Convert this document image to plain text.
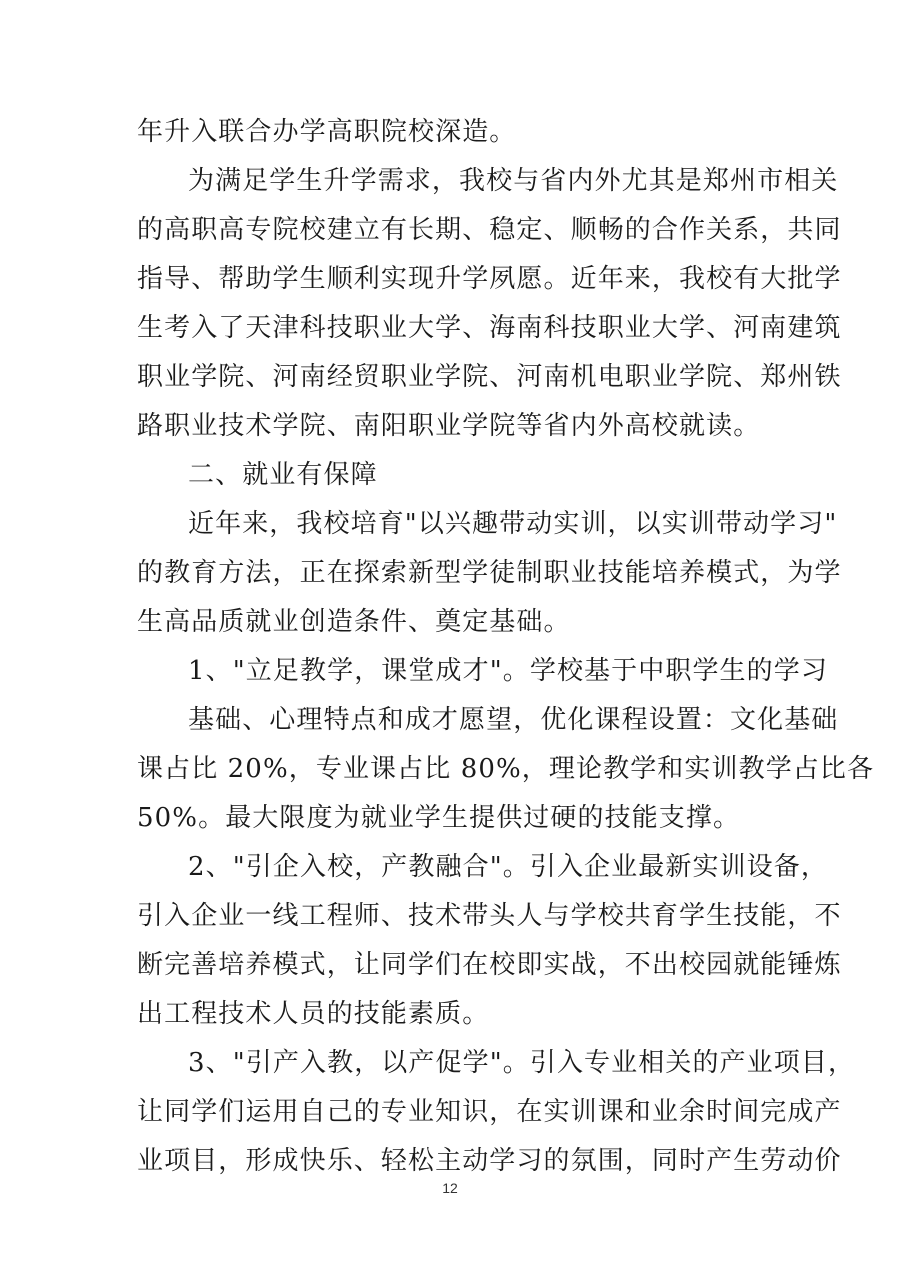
年升入联合办学高职院校深造。
为满足学生升学需求，我校与省内外尤其是郑州市相关
的高职高专院校建立有长期、稳定、顺畅的合作关系，共同
指导、帮助学生顺利实现升学夙愿。近年来，我校有大批学
生考入了天津科技职业大学、海南科技职业大学、河南建筑
职业学院、河南经贸职业学院、河南机电职业学院、郑州铁
路职业技术学院、南阳职业学院等省内外高校就读。
二、就业有保障
近年来，我校培育"以兴趣带动实训，以实训带动学习"
的教育方法，正在探索新型学徒制职业技能培养模式，为学
生高品质就业创造条件、奠定基础。
1、"立足教学，课堂成才"。学校基于中职学生的学习
基础、心理特点和成才愿望，优化课程设置：文化基础
课占比 20%，专业课占比 80%，理论教学和实训教学占比各
50%。最大限度为就业学生提供过硬的技能支撑。
2、"引企入校，产教融合"。引入企业最新实训设备，
引入企业一线工程师、技术带头人与学校共育学生技能，不
断完善培养模式，让同学们在校即实战，不出校园就能锤炼
出工程技术人员的技能素质。
3、"引产入教，以产促学"。引入专业相关的产业项目，
让同学们运用自己的专业知识，在实训课和业余时间完成产
业项目，形成快乐、轻松主动学习的氛围，同时产生劳动价
12
